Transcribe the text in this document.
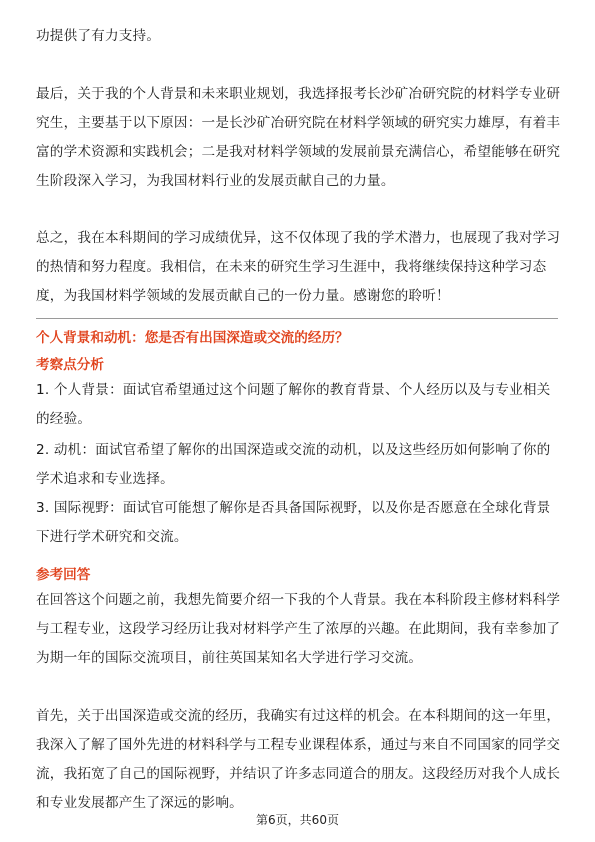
功提供了有力支持。

最后，关于我的个人背景和未来职业规划，我选择报考长沙矿冶研究院的材料学专业研究生，主要基于以下原因：一是长沙矿冶研究院在材料学领域的研究实力雄厚，有着丰富的学术资源和实践机会；二是我对材料学领域的发展前景充满信心，希望能够在研究生阶段深入学习，为我国材料行业的发展贡献自己的力量。

总之，我在本科期间的学习成绩优异，这不仅体现了我的学术潜力，也展现了我对学习的热情和努力程度。我相信，在未来的研究生学习生涯中，我将继续保持这种学习态度，为我国材料学领域的发展贡献自己的一份力量。感谢您的聆听！

个人背景和动机：您是否有出国深造或交流的经历？

考察点分析

1. 个人背景：面试官希望通过这个问题了解你的教育背景、个人经历以及与专业相关的经验。

2. 动机：面试官希望了解你的出国深造或交流的动机，以及这些经历如何影响了你的学术追求和专业选择。

3. 国际视野：面试官可能想了解你是否具备国际视野，以及你是否愿意在全球化背景下进行学术研究和交流。

参考回答

在回答这个问题之前，我想先简要介绍一下我的个人背景。我在本科阶段主修材料科学与工程专业，这段学习经历让我对材料学产生了浓厚的兴趣。在此期间，我有幸参加了为期一年的国际交流项目，前往英国某知名大学进行学习交流。

首先，关于出国深造或交流的经历，我确实有过这样的机会。在本科期间的这一年里，我深入了解了国外先进的材料科学与工程专业课程体系，通过与来自不同国家的同学交流，我拓宽了自己的国际视野，并结识了许多志同道合的朋友。这段经历对我个人成长和专业发展都产生了深远的影响。

第6页，共60页
